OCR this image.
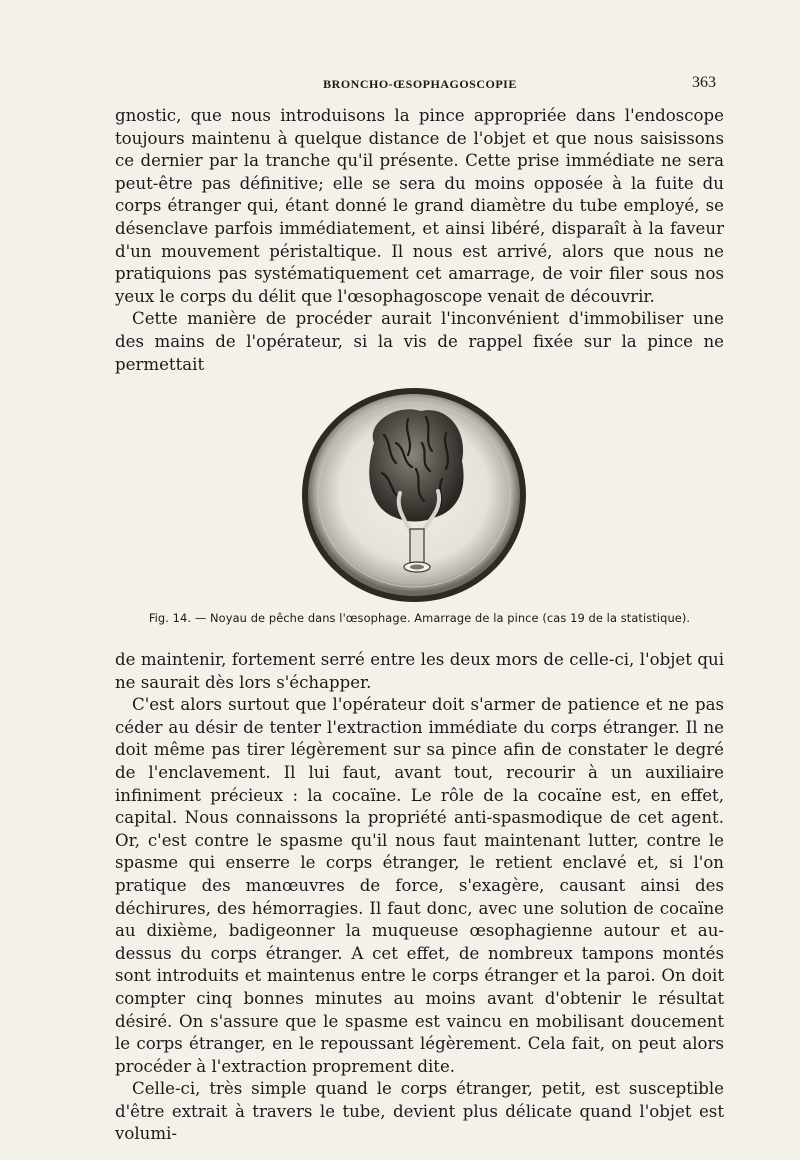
BRONCHO-ŒSOPHAGOSCOPIE	363

gnostic, que nous introduisons la pince appropriée dans l'endoscope toujours maintenu à quelque distance de l'objet et que nous saisissons ce dernier par la tranche qu'il présente. Cette prise immédiate ne sera peut-être pas définitive; elle se sera du moins opposée à la fuite du corps étranger qui, étant donné le grand diamètre du tube employé, se désenclave parfois immédiatement, et ainsi libéré, disparaît à la faveur d'un mouvement péristaltique. Il nous est arrivé, alors que nous ne pratiquions pas systématiquement cet amarrage, de voir filer sous nos yeux le corps du délit que l'œsophagoscope venait de découvrir.

Cette manière de procéder aurait l'inconvénient d'immobiliser une des mains de l'opérateur, si la vis de rappel fixée sur la pince ne permettait

Fig. 14. — Noyau de pêche dans l'œsophage. Amarrage de la pince (cas 19 de la statistique).

de maintenir, fortement serré entre les deux mors de celle-ci, l'objet qui ne saurait dès lors s'échapper.

C'est alors surtout que l'opérateur doit s'armer de patience et ne pas céder au désir de tenter l'extraction immédiate du corps étranger. Il ne doit même pas tirer légèrement sur sa pince afin de constater le degré de l'enclavement. Il lui faut, avant tout, recourir à un auxiliaire infiniment précieux : la cocaïne. Le rôle de la cocaïne est, en effet, capital. Nous connaissons la propriété anti-spasmodique de cet agent. Or, c'est contre le spasme qu'il nous faut maintenant lutter, contre le spasme qui enserre le corps étranger, le retient enclavé et, si l'on pratique des manœuvres de force, s'exagère, causant ainsi des déchirures, des hémorragies. Il faut donc, avec une solution de cocaïne au dixième, badigeonner la muqueuse œsophagienne autour et au-dessus du corps étranger. A cet effet, de nombreux tampons montés sont introduits et maintenus entre le corps étranger et la paroi. On doit compter cinq bonnes minutes au moins avant d'obtenir le résultat désiré. On s'assure que le spasme est vaincu en mobilisant doucement le corps étranger, en le repoussant légèrement. Cela fait, on peut alors procéder à l'extraction proprement dite.

Celle-ci, très simple quand le corps étranger, petit, est susceptible d'être extrait à travers le tube, devient plus délicate quand l'objet est volumi-
